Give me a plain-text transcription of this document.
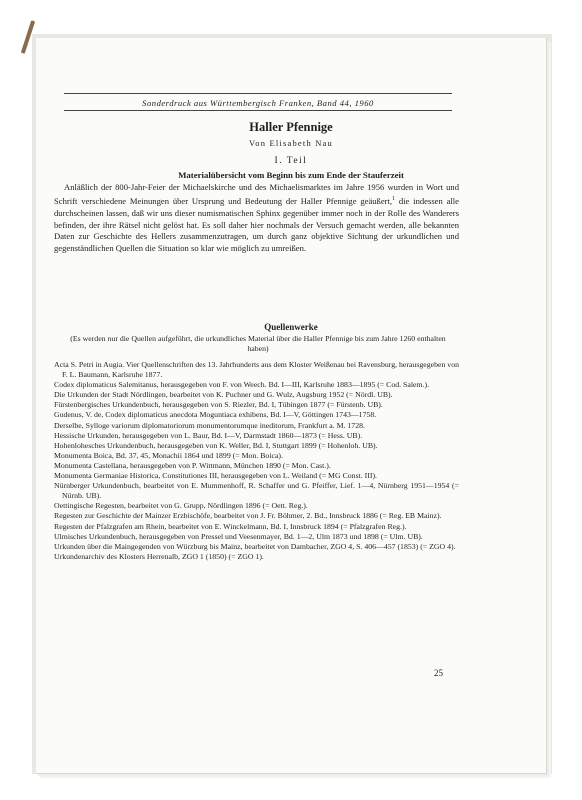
Sonderdruck aus Württembergisch Franken, Band 44, 1960
Haller Pfennige
Von Elisabeth Nau
I. Teil
Materialübersicht vom Beginn bis zum Ende der Stauferzeit

Anläßlich der 800-Jahr-Feier der Michaelskirche und des Michaelismarktes im Jahre 1956 wurden in Wort und Schrift verschiedene Meinungen über Ursprung und Bedeutung der Haller Pfennige geäußert,$^1$ die indessen alle durchscheinen lassen, daß wir uns dieser numismatischen Sphinx gegenüber immer noch in der Rolle des Wanderers befinden, der ihre Rätsel nicht gelöst hat. Es soll daher hier nochmals der Versuch gemacht werden, alle bekannten Daten zur Geschichte des Hellers zusammenzutragen, um durch ganz objektive Sichtung der urkundlichen und gegenständlichen Quellen die Situation so klar wie möglich zu umreißen.

Quellenwerke
(Es werden nur die Quellen aufgeführt, die urkundliches Material über die Haller Pfennige bis zum Jahre 1260 enthalten haben)
Acta S. Petri in Augia. Vier Quellenschriften des 13. Jahrhunderts aus dem Kloster Weißenau bei Ravensburg, herausgegeben von F. L. Baumann, Karlsruhe 1877.
Codex diplomaticus Salemitanus, herausgegeben von F. von Weech. Bd. I—III, Karlsruhe 1883—1895 (= Cod. Salem.).
Die Urkunden der Stadt Nördlingen, bearbeitet von K. Puchner und G. Wulz, Augsburg 1952 (= Nördl. UB).
Fürstenbergisches Urkundenbuch, herausgegeben von S. Riezler, Bd. I, Tübingen 1877 (= Fürstenb. UB).
Gudenus, V. de, Codex diplomaticus anecdota Moguntiaca exhibens, Bd. I—V, Göttingen 1743—1758.
Derselbe, Sylloge variorum diplomatoriorum monumentorumque ineditorum, Frankfurt a. M. 1728.
Hessische Urkunden, herausgegeben von L. Baur, Bd. I—V, Darmstadt 1860—1873 (= Hess. UB).
Hohenlohesches Urkundenbuch, herausgegeben von K. Weller, Bd. I, Stuttgart 1899 (= Hohenloh. UB).
Monumenta Boica, Bd. 37, 45, Monachii 1864 und 1899 (= Mon. Boica).
Monumenta Castellana, herausgegeben von P. Wittmann, München 1890 (= Mon. Cast.).
Monumenta Germaniae Historica, Constitutiones III, herausgegeben von L. Weiland (= MG Const. III).
Nürnberger Urkundenbuch, bearbeitet von E. Mummenhoff, R. Schaffer und G. Pfeiffer, Lief. 1—4, Nürnberg 1951—1954 (= Nürnb. UB).
Oettingische Regesten, bearbeitet von G. Grupp, Nördlingen 1896 (= Oett. Reg.).
Regesten zur Geschichte der Mainzer Erzbischöfe, bearbeitet von J. Fr. Böhmer, 2. Bd., Innsbruck 1886 (= Reg. EB Mainz).
Regesten der Pfalzgrafen am Rhein, bearbeitet von E. Winckelmann, Bd. I, Innsbruck 1894 (= Pfalzgrafen Reg.).
Ulmisches Urkundenbuch, herausgegeben von Pressel und Veesenmayer, Bd. 1—2, Ulm 1873 und 1898 (= Ulm. UB).
Urkunden über die Maingegenden von Würzburg bis Mainz, bearbeitet von Dambacher, ZGO 4, S. 406—457 (1853) (= ZGO 4).
Urkundenarchiv des Klosters Herrenalb, ZGO 1 (1850) (= ZGO 1).
25
